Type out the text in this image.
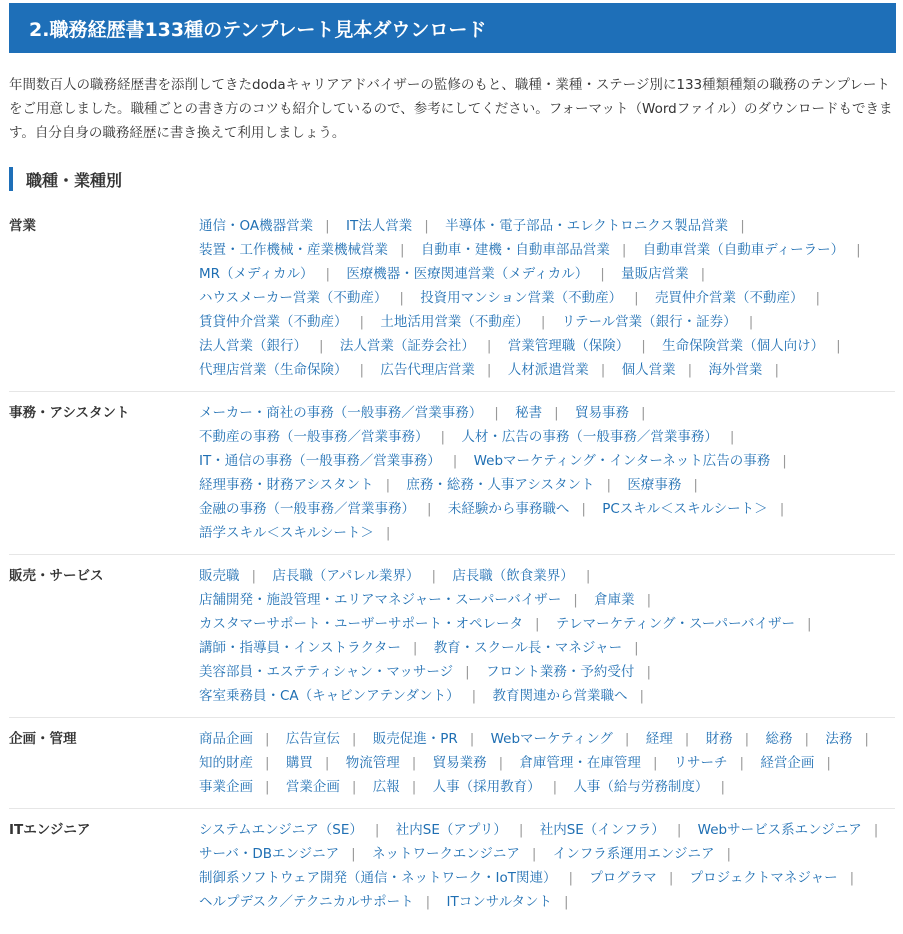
2.職務経歴書133種のテンプレート見本ダウンロード

年間数百人の職務経歴書を添削してきたdodaキャリアアドバイザーの監修のもと、職種・業種・ステージ別に133種類種類の職務のテンプレートをご用意しました。職種ごとの書き方のコツも紹介しているので、参考にしてください。フォーマット（Wordファイル）のダウンロードもできます。自分自身の職務経歴に書き換えて利用しましょう。

職種・業種別
営業	通信・OA機器営業 | IT法人営業 | 半導体・電子部品・エレクトロニクス製品営業 | 装置・工作機械・産業機械営業 | 自動車・建機・自動車部品営業 | 自動車営業（自動車ディーラー） | MR（メディカル） | 医療機器・医療関連営業（メディカル） | 量販店営業 | ハウスメーカー営業（不動産） | 投資用マンション営業（不動産） | 売買仲介営業（不動産） | 賃貸仲介営業（不動産） | 土地活用営業（不動産） | リテール営業（銀行・証券） | 法人営業（銀行） | 法人営業（証券会社） | 営業管理職（保険） | 生命保険営業（個人向け） | 代理店営業（生命保険） | 広告代理店営業 | 人材派遣営業 | 個人営業 | 海外営業 |
事務・アシスタント	メーカー・商社の事務（一般事務／営業事務） | 秘書 | 貿易事務 | 不動産の事務（一般事務／営業事務） | 人材・広告の事務（一般事務／営業事務） | IT・通信の事務（一般事務／営業事務） | Webマーケティング・インターネット広告の事務 | 経理事務・財務アシスタント | 庶務・総務・人事アシスタント | 医療事務 | 金融の事務（一般事務／営業事務） | 未経験から事務職へ | PCスキル＜スキルシート＞ | 語学スキル＜スキルシート＞ |
販売・サービス	販売職 | 店長職（アパレル業界） | 店長職（飲食業界） | 店舗開発・施設管理・エリアマネジャー・スーパーバイザー | 倉庫業 | カスタマーサポート・ユーザーサポート・オペレータ | テレマーケティング・スーパーバイザー | 講師・指導員・インストラクター | 教育・スクール長・マネジャー | 美容部員・エステティシャン・マッサージ | フロント業務・予約受付 | 客室乗務員・CA（キャビンアテンダント） | 教育関連から営業職へ |
企画・管理	商品企画 | 広告宣伝 | 販売促進・PR | Webマーケティング | 経理 | 財務 | 総務 | 法務 | 知的財産 | 購買 | 物流管理 | 貿易業務 | 倉庫管理・在庫管理 | リサーチ | 経営企画 | 事業企画 | 営業企画 | 広報 | 人事（採用教育） | 人事（給与労務制度） |
ITエンジニア	システムエンジニア（SE） | 社内SE（アプリ） | 社内SE（インフラ） | Webサービス系エンジニア | サーバ・DBエンジニア | ネットワークエンジニア | インフラ系運用エンジニア | 制御系ソフトウェア開発（通信・ネットワーク・IoT関連） | プログラマ | プロジェクトマネジャー | ヘルプデスク／テクニカルサポート | ITコンサルタント |
